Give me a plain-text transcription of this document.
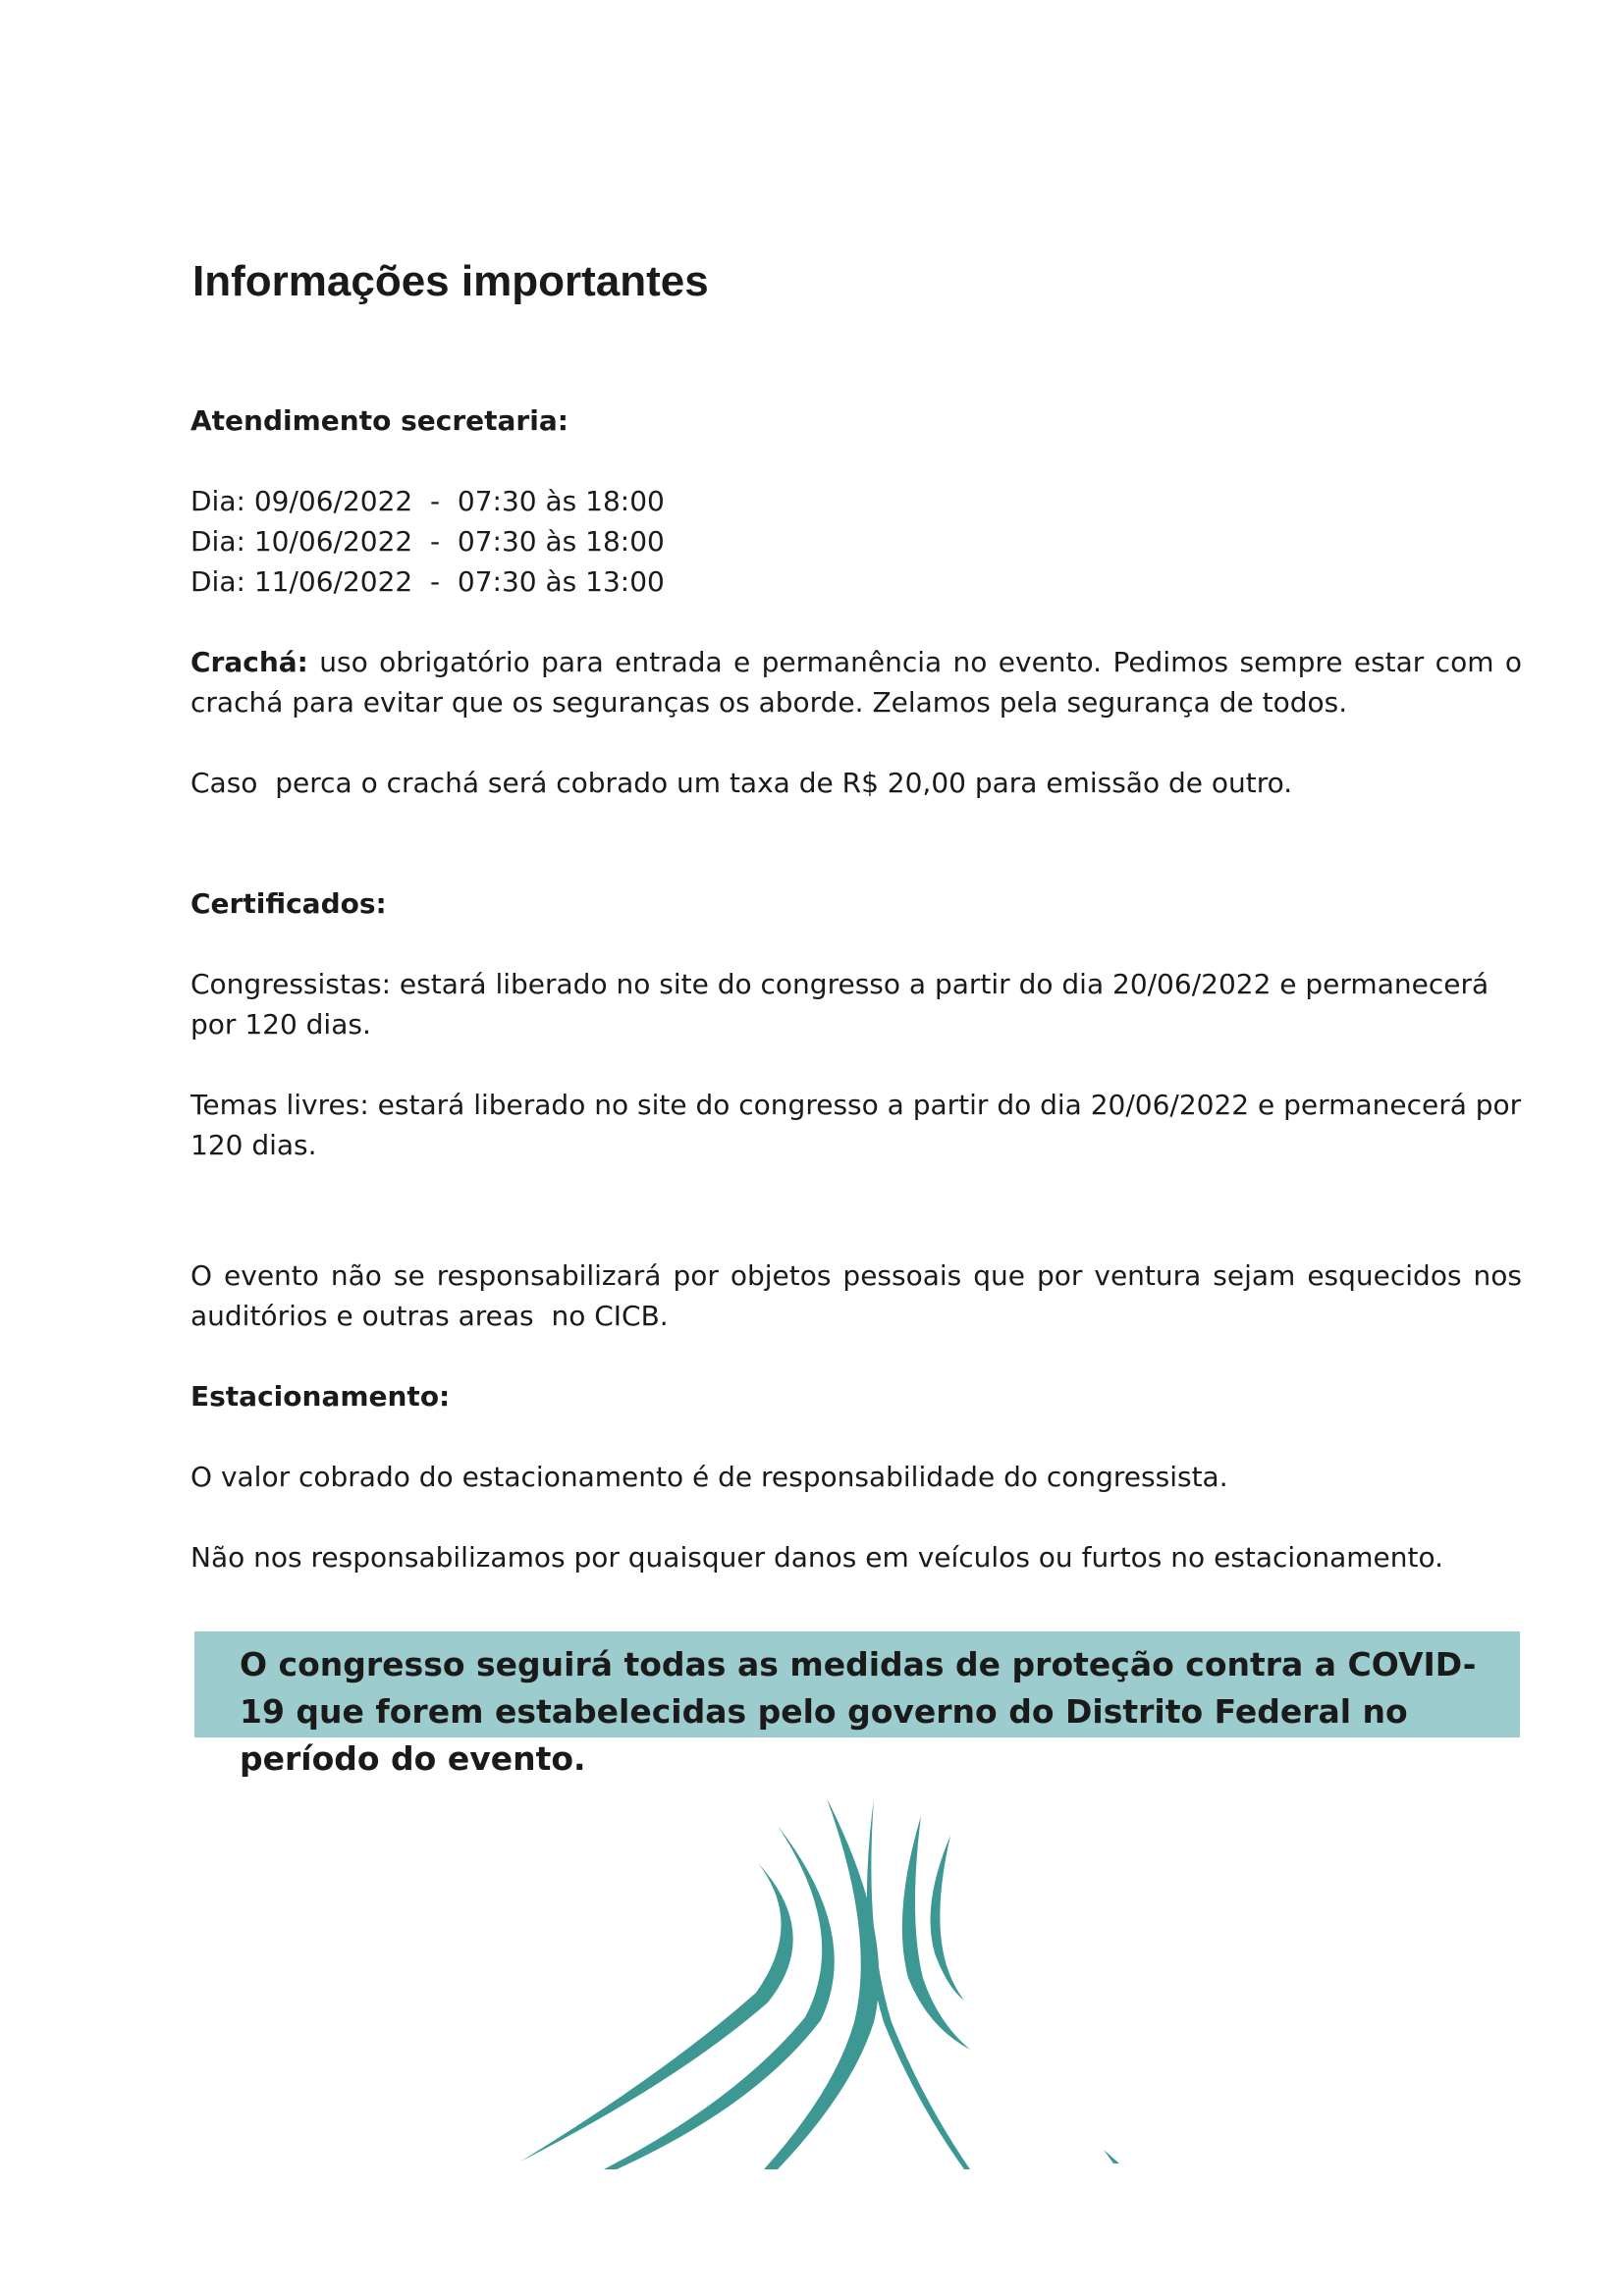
Informações importantes

Atendimento secretaria:

Dia: 09/06/2022  -  07:30 às 18:00

Dia: 10/06/2022  -  07:30 às 18:00

Dia: 11/06/2022  -  07:30 às 13:00

Crachá: uso obrigatório para entrada e permanência no evento. Pedimos sempre estar com o crachá para evitar que os seguranças os aborde. Zelamos pela segurança de todos.

Caso  perca o crachá será cobrado um taxa de R$ 20,00 para emissão de outro.

Certificados:

Congressistas: estará liberado no site do congresso a partir do dia 20/06/2022 e permanecerá por 120 dias.

Temas livres: estará liberado no site do congresso a partir do dia 20/06/2022 e permanecerá por 120 dias.

O evento não se responsabilizará por objetos pessoais que por ventura sejam esquecidos nos auditórios e outras areas  no CICB.

Estacionamento:

O valor cobrado do estacionamento é de responsabilidade do congressista.

Não nos responsabilizamos por quaisquer danos em veículos ou furtos no estacionamento.

O congresso seguirá todas as medidas de proteção contra a COVID-19 que forem estabelecidas pelo governo do Distrito Federal no período do evento.
